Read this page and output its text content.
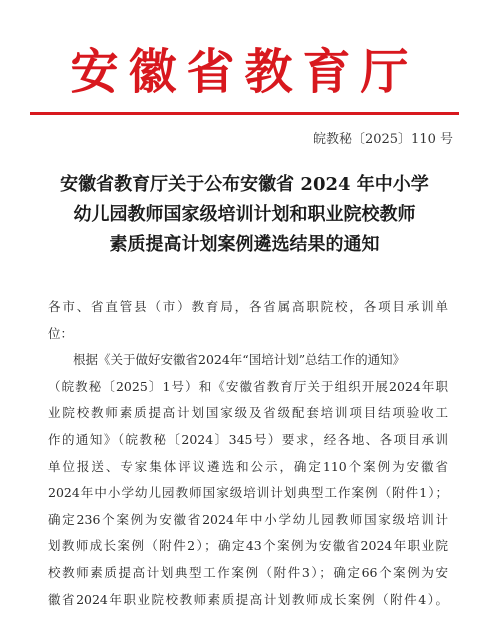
安徽省教育厅
皖教秘〔2025〕110 号
安徽省教育厅关于公布安徽省 2024 年中小学
幼儿园教师国家级培训计划和职业院校教师
素质提高计划案例遴选结果的通知
各市、省直管县（市）教育局，各省属高职院校，各项目承训单
位：
根据《关于做好安徽省2024年“国培计划”总结工作的通知》
（皖教秘〔2025〕1号）和《安徽省教育厅关于组织开展2024年职
业院校教师素质提高计划国家级及省级配套培训项目结项验收工
作的通知》（皖教秘〔2024〕345号）要求，经各地、各项目承训
单位报送、专家集体评议遴选和公示，确定110个案例为安徽省
2024年中小学幼儿园教师国家级培训计划典型工作案例（附件1）；
确定236个案例为安徽省2024年中小学幼儿园教师国家级培训计
划教师成长案例（附件2）；确定43个案例为安徽省2024年职业院
校教师素质提高计划典型工作案例（附件3）；确定66个案例为安
徽省2024年职业院校教师素质提高计划教师成长案例（附件4）。
